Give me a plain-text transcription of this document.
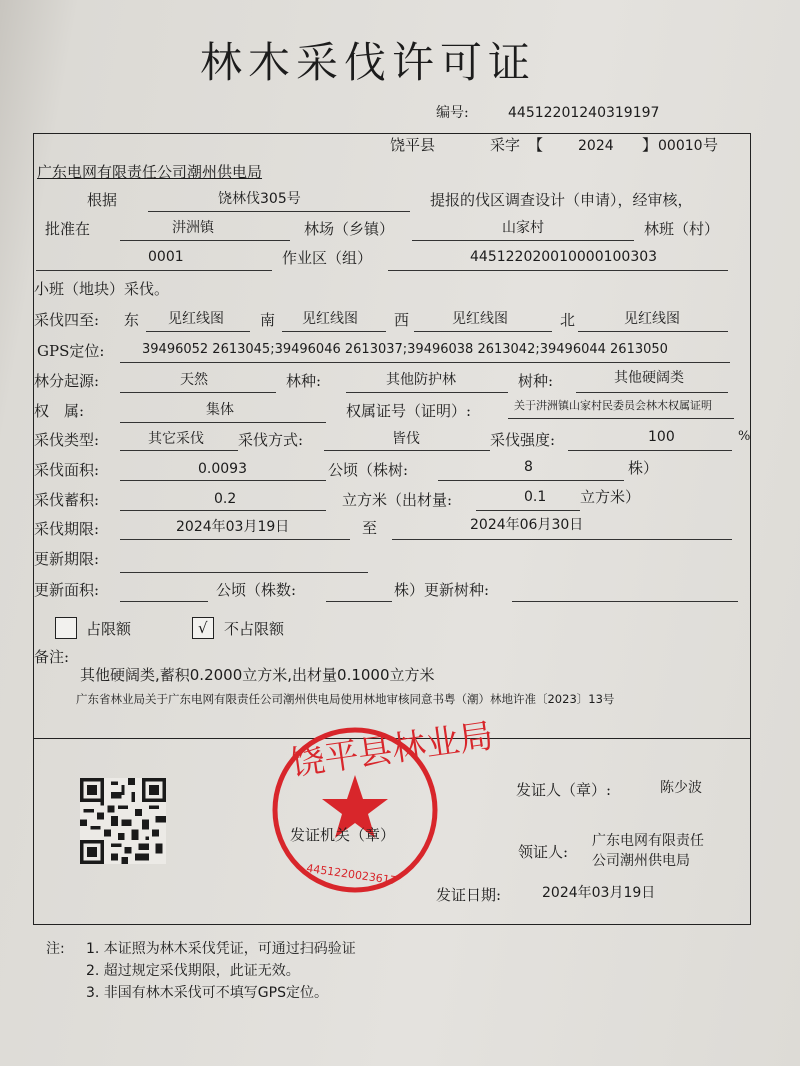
林木采伐许可证
编号:	44512201240319197
饶平县	采字 【 2024 】 00010 号
广东电网有限责任公司潮州供电局
根据	饶林伐305号	提报的伐区调查设计（申请），经审核，
批准在	汫洲镇	林场（乡镇）	山家村	林班（村）
0001	作业区（组）	445122020010000100303
小班（地块）采伐。
采伐四至: 东 见红线图 南 见红线图 西	见红线图	北	见红线图
GPS定位:	39496052 2613045;39496046 2613037;39496038 2613042;39496044 2613050
林分起源:	天然	林种:	其他防护林	树种:	其他硬阔类
权　属:	集体	权属证号（证明）:	关于汫洲镇山家村民委员会林木权属证明
采伐类型:	其它采伐 采伐方式:	皆伐	采伐强度:	100	%
采伐面积:	0.0093	公顷（株树:	8	株）
采伐蓄积:	0.2	立方米（出材量:	0.1 立方米）
采伐期限:	2024年03月19日	至	2024年06月30日
更新期限:
更新面积:	公顷（株数:	株）更新树种:
占限额	√ 不占限额
备注:
其他硬阔类,蓄积0.2000立方米,出材量0.1000立方米
广东省林业局关于广东电网有限责任公司潮州供电局使用林地审核同意书粤（潮）林地许准〔2023〕13号
饶平县林业局
4451220023617
发证人（章）:	陈少波
发证机关（章）
领证人:
广东电网有限责任
公司潮州供电局
发证日期:	2024年03月19日
注: 1. 本证照为林木采伐凭证，可通过扫码验证
2. 超过规定采伐期限，此证无效。
3. 非国有林木采伐可不填写GPS定位。
